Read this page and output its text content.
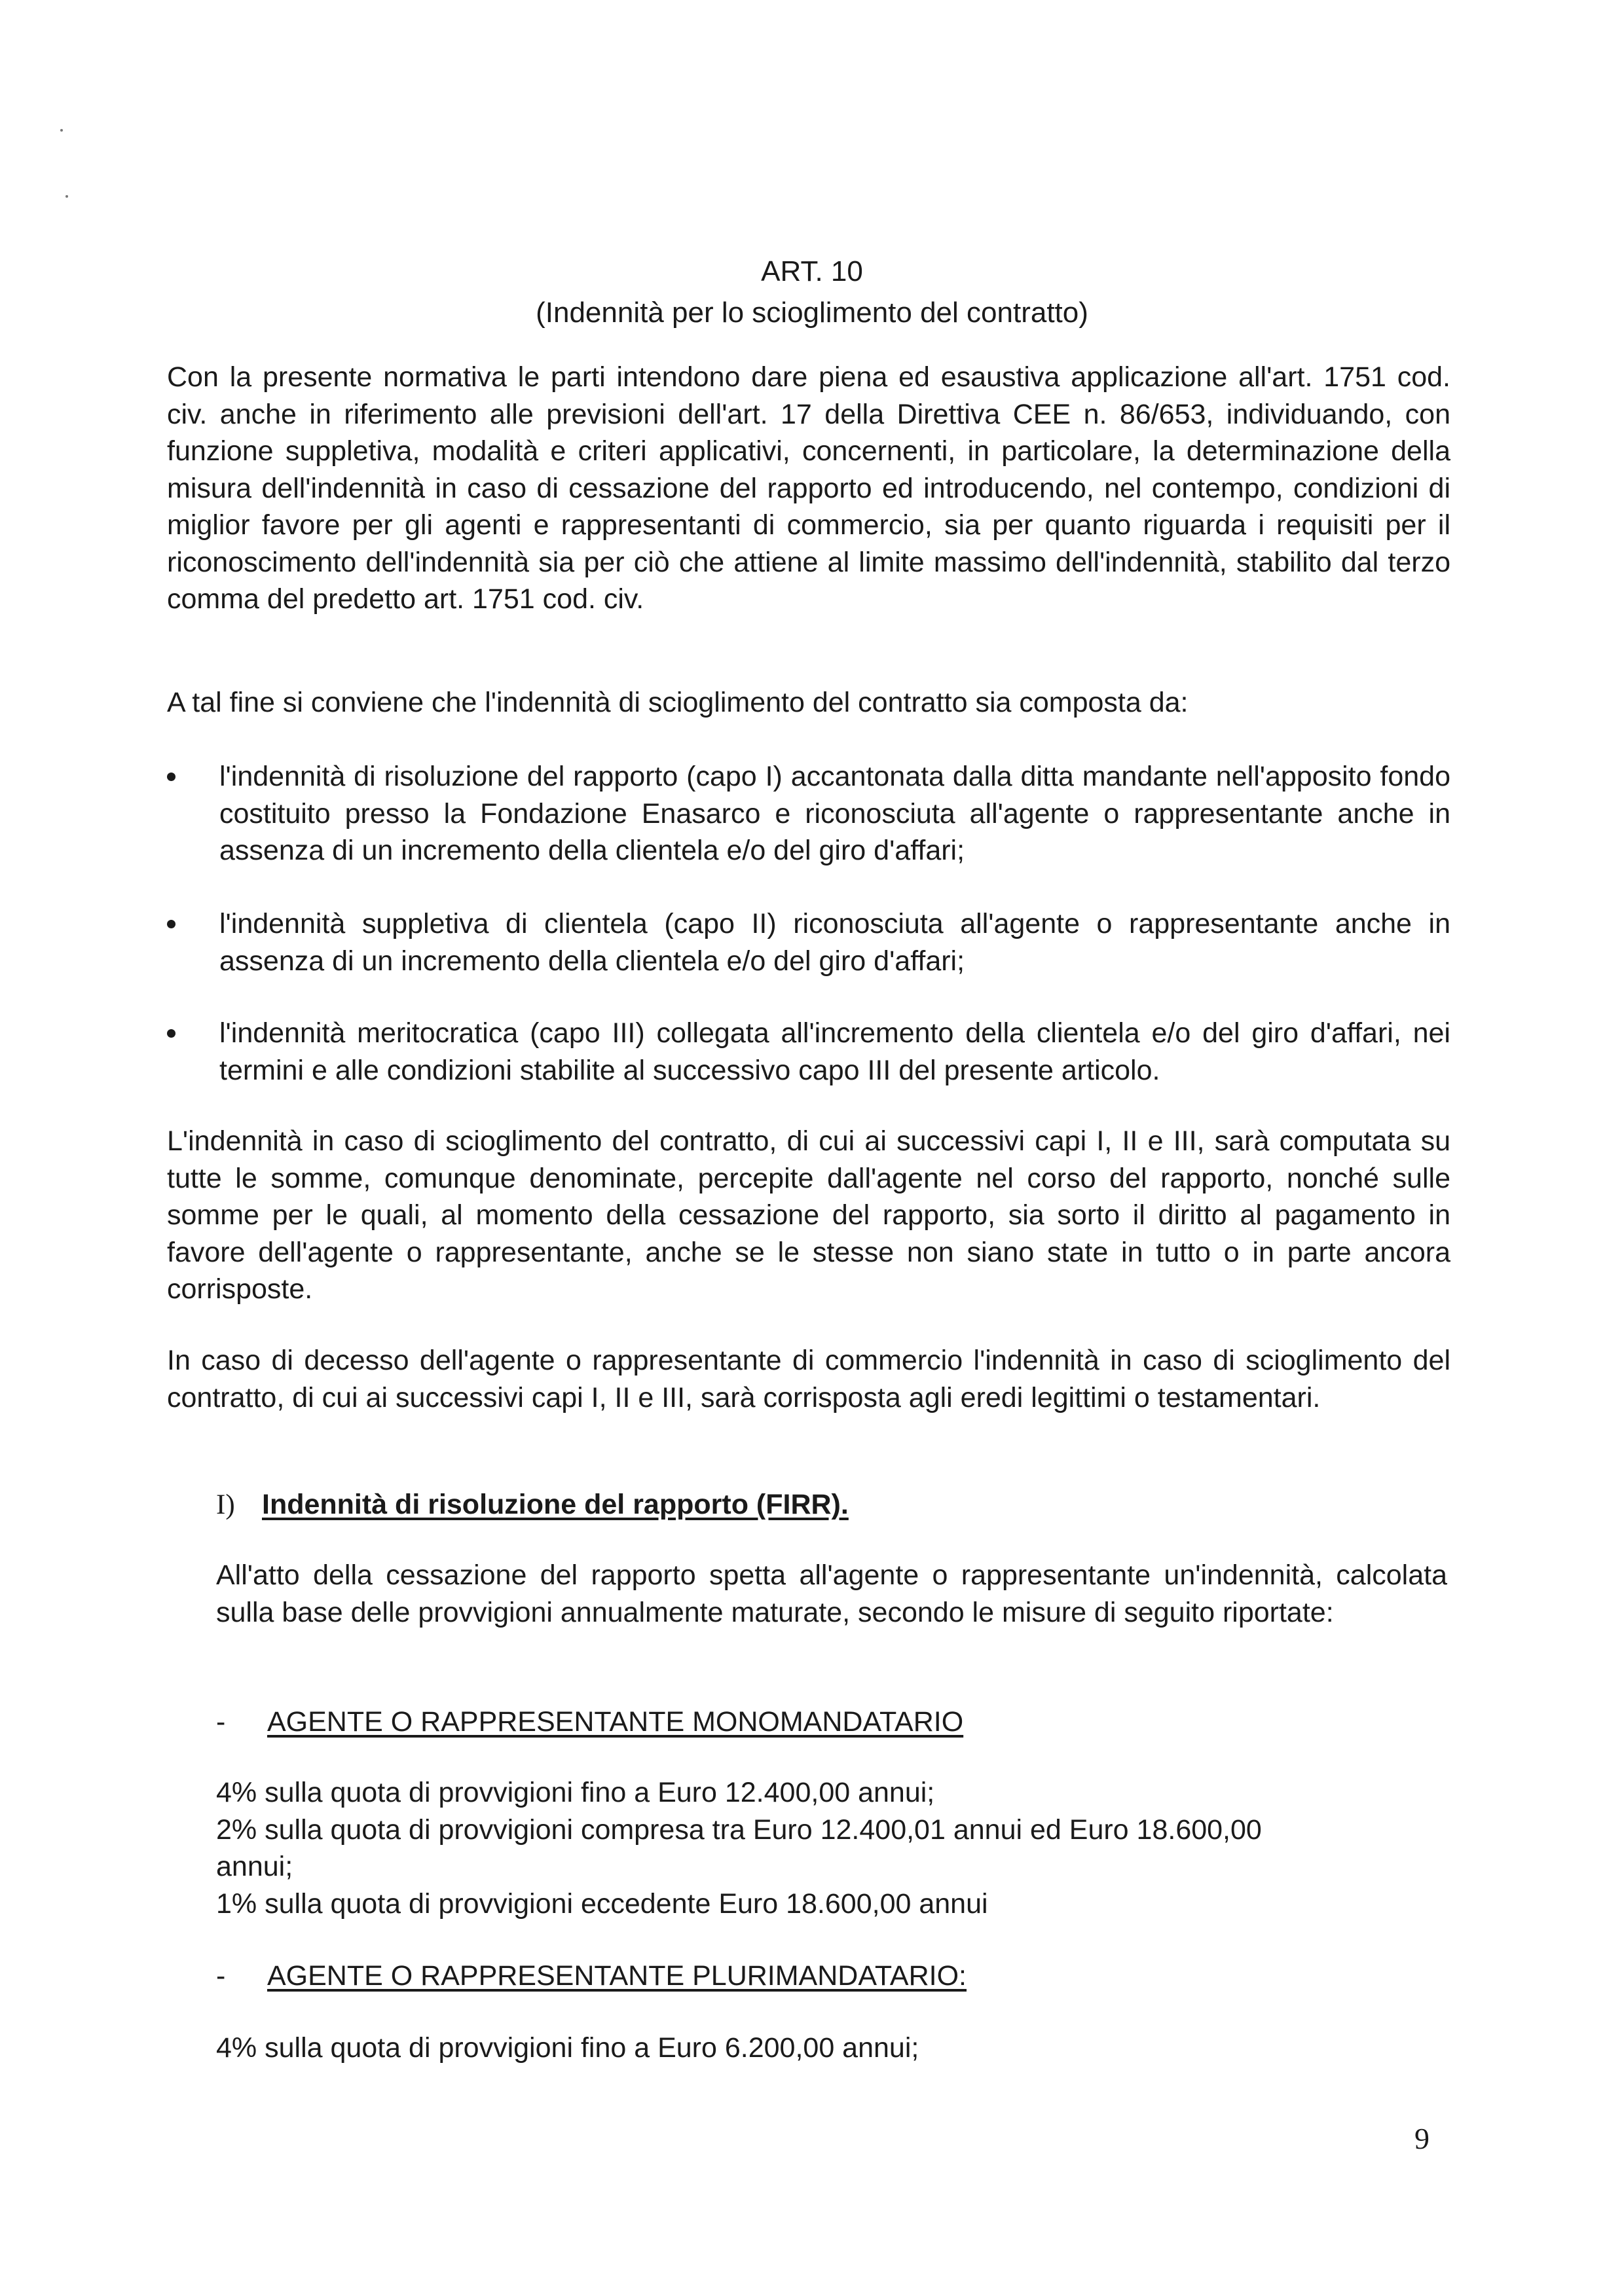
ART. 10
(Indennità per lo scioglimento del contratto)
Con la presente normativa le parti intendono dare piena ed esaustiva applicazione all'art. 1751 cod. civ. anche in riferimento alle previsioni dell'art. 17 della Direttiva CEE n. 86/653, individuando, con funzione suppletiva, modalità e criteri applicativi, concernenti, in particolare, la determinazione della misura dell'indennità in caso di cessazione del rapporto ed introducendo, nel contempo, condizioni di miglior favore per gli agenti e rappresentanti di commercio, sia per quanto riguarda i requisiti per il riconoscimento dell'indennità sia per ciò che attiene al limite massimo dell'indennità, stabilito dal terzo comma del predetto art. 1751 cod. civ.
A tal fine si conviene che l'indennità di scioglimento del contratto sia composta da:
l'indennità di risoluzione del rapporto (capo I) accantonata dalla ditta mandante nell'apposito fondo costituito presso la Fondazione Enasarco e riconosciuta all'agente o rappresentante anche in assenza di un incremento della clientela e/o del giro d'affari;
l'indennità suppletiva di clientela (capo II) riconosciuta all'agente o rappresentante anche in assenza di un incremento della clientela e/o del giro d'affari;
l'indennità meritocratica (capo III) collegata all'incremento della clientela e/o del giro d'affari, nei termini e alle condizioni stabilite al successivo capo III del presente articolo.
L'indennità in caso di scioglimento del contratto, di cui ai successivi capi I, II e III, sarà computata su tutte le somme, comunque denominate, percepite dall'agente nel corso del rapporto, nonché sulle somme per le quali, al momento della cessazione del rapporto, sia sorto il diritto al pagamento in favore dell'agente o rappresentante, anche se le stesse non siano state in tutto o in parte ancora corrisposte.
In caso di decesso dell'agente o rappresentante di commercio l'indennità in caso di scioglimento del contratto, di cui ai successivi capi I, II e III, sarà corrisposta agli eredi legittimi o testamentari.
I) Indennità di risoluzione del rapporto (FIRR).
All'atto della cessazione del rapporto spetta all'agente o rappresentante un'indennità, calcolata sulla base delle provvigioni annualmente maturate, secondo le misure di seguito riportate:
- AGENTE O RAPPRESENTANTE MONOMANDATARIO
4% sulla quota di provvigioni fino a Euro 12.400,00 annui;
2% sulla quota di provvigioni compresa tra Euro 12.400,01 annui ed Euro 18.600,00
annui;
1% sulla quota di provvigioni eccedente Euro 18.600,00 annui
- AGENTE O RAPPRESENTANTE PLURIMANDATARIO:
4% sulla quota di provvigioni fino a Euro 6.200,00 annui;
9
